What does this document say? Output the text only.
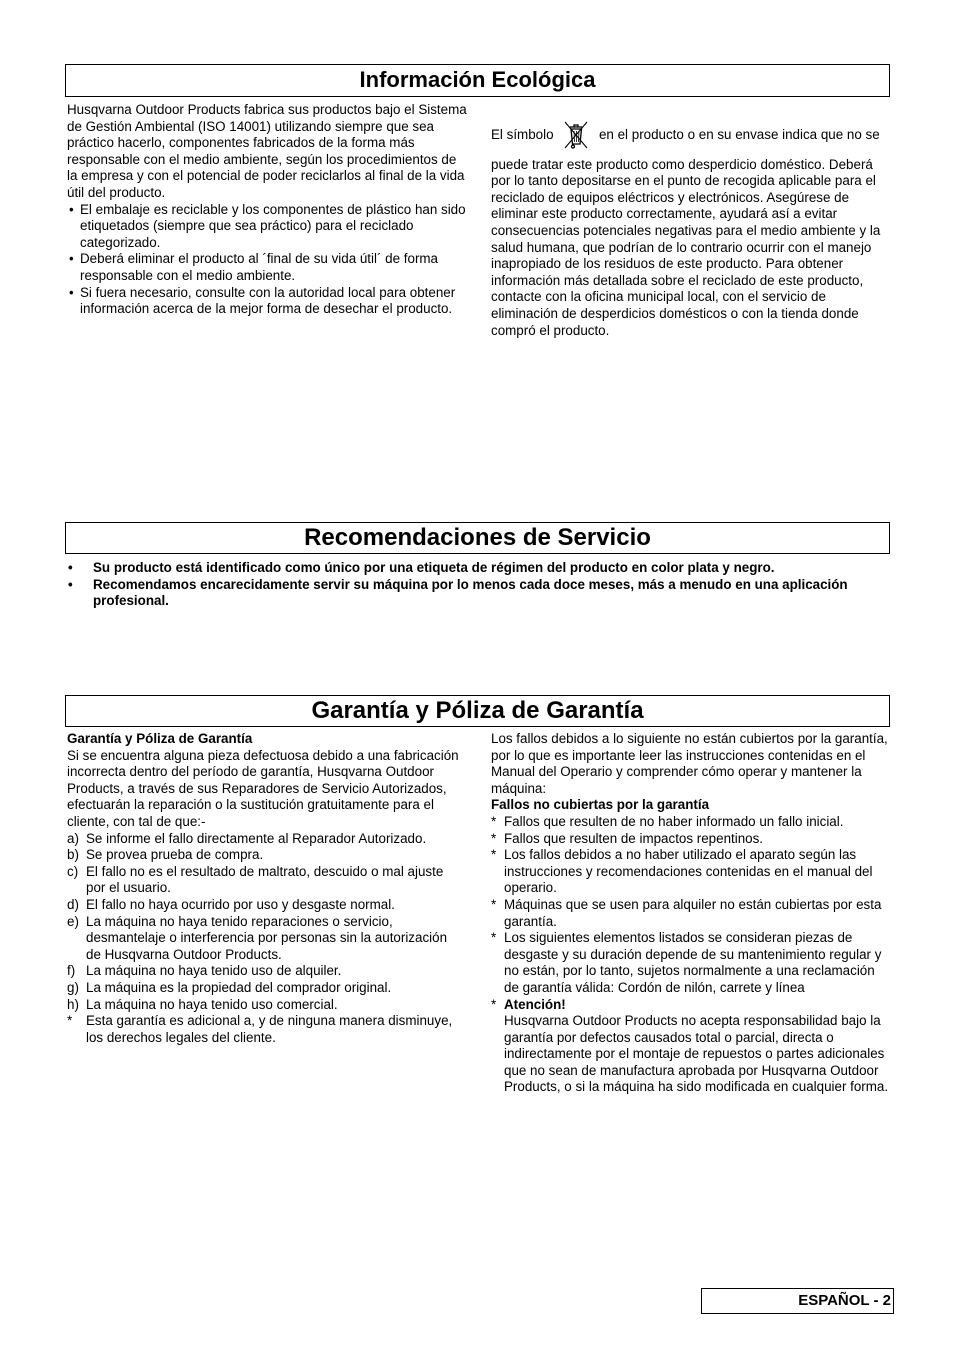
Información Ecológica

Husqvarna Outdoor Products fabrica sus productos bajo el Sistema de Gestión Ambiental (ISO 14001) utilizando siempre que sea práctico hacerlo, componentes fabricados de la forma más responsable con el medio ambiente, según los procedimientos de la empresa y con el potencial de poder reciclarlos al final de la vida útil del producto.

• El embalaje es reciclable y los componentes de plástico han sido etiquetados (siempre que sea práctico) para el reciclado categorizado.
• Deberá eliminar el producto al ´final de su vida útil´ de forma responsable con el medio ambiente.
• Si fuera necesario, consulte con la autoridad local para obtener información acerca de la mejor forma de desechar el producto.

El símbolo	en el producto o en su envase indica que no se puede tratar este producto como desperdicio doméstico. Deberá por lo tanto depositarse en el punto de recogida aplicable para el reciclado de equipos eléctricos y electrónicos. Asegúrese de eliminar este producto correctamente, ayudará así a evitar consecuencias potenciales negativas para el medio ambiente y la salud humana, que podrían de lo contrario ocurrir con el manejo inapropiado de los residuos de este producto. Para obtener información más detallada sobre el reciclado de este producto, contacte con la oficina municipal local, con el servicio de eliminación de desperdicios domésticos o con la tienda donde compró el producto.

Recomendaciones de Servicio
• Su producto está identificado como único por una etiqueta de régimen del producto en color plata y negro.
• Recomendamos encarecidamente servir su máquina por lo menos cada doce meses, más a menudo en una aplicación profesional.
Garantía y Póliza de Garantía

Garantía y Póliza de Garantía

Si se encuentra alguna pieza defectuosa debido a una fabricación incorrecta dentro del período de garantía, Husqvarna Outdoor Products, a través de sus Reparadores de Servicio Autorizados, efectuarán la reparación o la sustitución gratuitamente para el cliente, con tal de que:-

a) Se informe el fallo directamente al Reparador Autorizado.
b) Se provea prueba de compra.
c) El fallo no es el resultado de maltrato, descuido o mal ajuste por el usuario.
d) El fallo no haya ocurrido por uso y desgaste normal.
e) La máquina no haya tenido reparaciones o servicio, desmantelaje o interferencia por personas sin la autorización de Husqvarna Outdoor Products.
f) La máquina no haya tenido uso de alquiler.
g) La máquina es la propiedad del comprador original.
h) La máquina no haya tenido uso comercial.
* Esta garantía es adicional a, y de ninguna manera disminuye, los derechos legales del cliente.

Los fallos debidos a lo siguiente no están cubiertos por la garantía, por lo que es importante leer las instrucciones contenidas en el Manual del Operario y comprender cómo operar y mantener la máquina:

Fallos no cubiertas por la garantía

* Fallos que resulten de no haber informado un fallo inicial.
* Fallos que resulten de impactos repentinos.
* Los fallos debidos a no haber utilizado el aparato según las instrucciones y recomendaciones contenidas en el manual del operario.
* Máquinas que se usen para alquiler no están cubiertas por esta garantía.
* Los siguientes elementos listados se consideran piezas de desgaste y su duración depende de su mantenimiento regular y no están, por lo tanto, sujetos normalmente a una reclamación de garantía válida: Cordón de nilón, carrete y línea
* Atención!
Husqvarna Outdoor Products no acepta responsabilidad bajo la garantía por defectos causados total o parcial, directa o indirectamente por el montaje de repuestos o partes adicionales que no sean de manufactura aprobada por Husqvarna Outdoor Products, o si la máquina ha sido modificada en cualquier forma.
ESPAÑOL - 2
